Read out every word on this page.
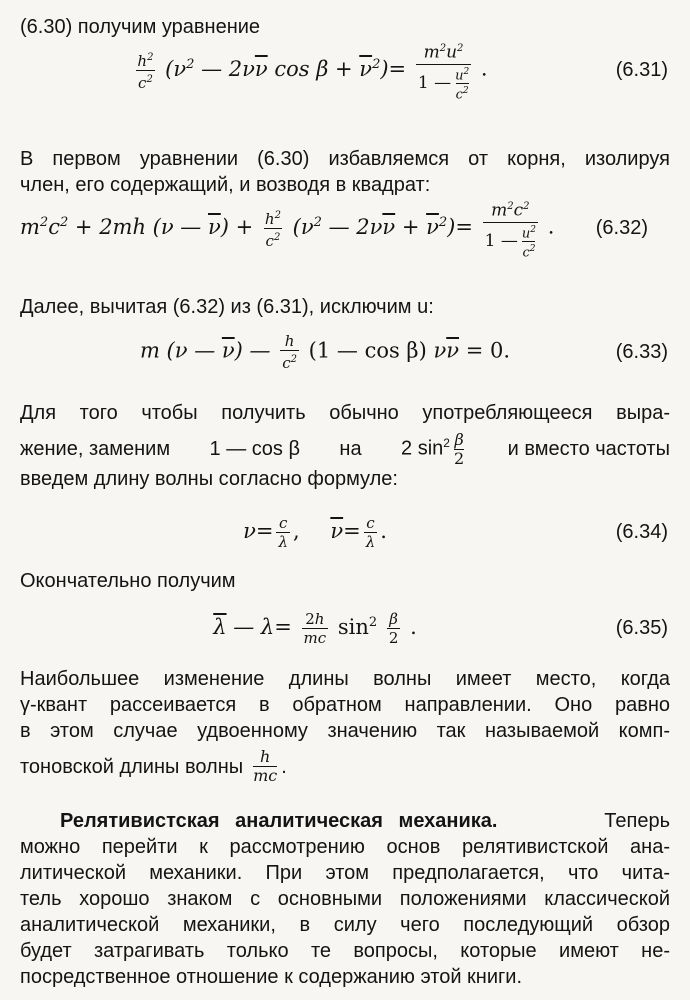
(6.30) получим уравнение
$\frac{h^2}{c^2} (\nu^2$ — $2\nu\overline{\nu}$ $\cos \beta + \overline{\nu}^2)= \frac{m^2u^2}{1 — \frac{u^2}{c^2}}$ .	(6.31)
В первом уравнении (6.30) избавляемся от корня, изолируя
член, его содержащий, и возводя в квадрат:
$m^2c^2 + 2mh$ (ν — $\overline{\nu}) + \frac{h^2}{c^2} (\nu^2$ — $2\nu\overline{\nu} + \overline{\nu}^2)= \frac{m^2c^2}{1 — \frac{u^2}{c^2}}$ . (6.32)
Далее, вычитая (6.32) из (6.31), исключим u:
m (ν — $\overline{\nu}$) — $\frac{h}{c^2} (1$ — cos β) $\nu\overline{\nu} = 0$.	(6.33)
Для того чтобы получить обычно употребляющееся выра-
жение, заменим 1 — cos β на 2 $\sin^2 \frac{\beta}{2}$ и вместо частоты
введем длину волны согласно формуле:
$\nu= \frac{c}{\lambda}$ , $\overline{\nu}= \frac{c}{\lambda}$ .	(6.34)
Окончательно получим
$\overline{\lambda}$ — $\lambda= \frac{2h}{mc} \sin^2 \frac{\beta}{2}$ .	(6.35)
Наибольшее изменение длины волны имеет место, когда
γ-квант рассеивается в обратном направлении. Оно равно
в этом случае удвоенному значению так называемой комп-
тоновской длины волны $\frac{h}{mc}$ .
Релятивистская аналитическая механика.	Теперь
можно перейти к рассмотрению основ релятивистской ана-
литической механики. При этом предполагается, что чита-
тель хорошо знаком с основными положениями классической
аналитической механики, в силу чего последующий обзор
будет затрагивать только те вопросы, которые имеют не-
посредственное отношение к содержанию этой книги.
